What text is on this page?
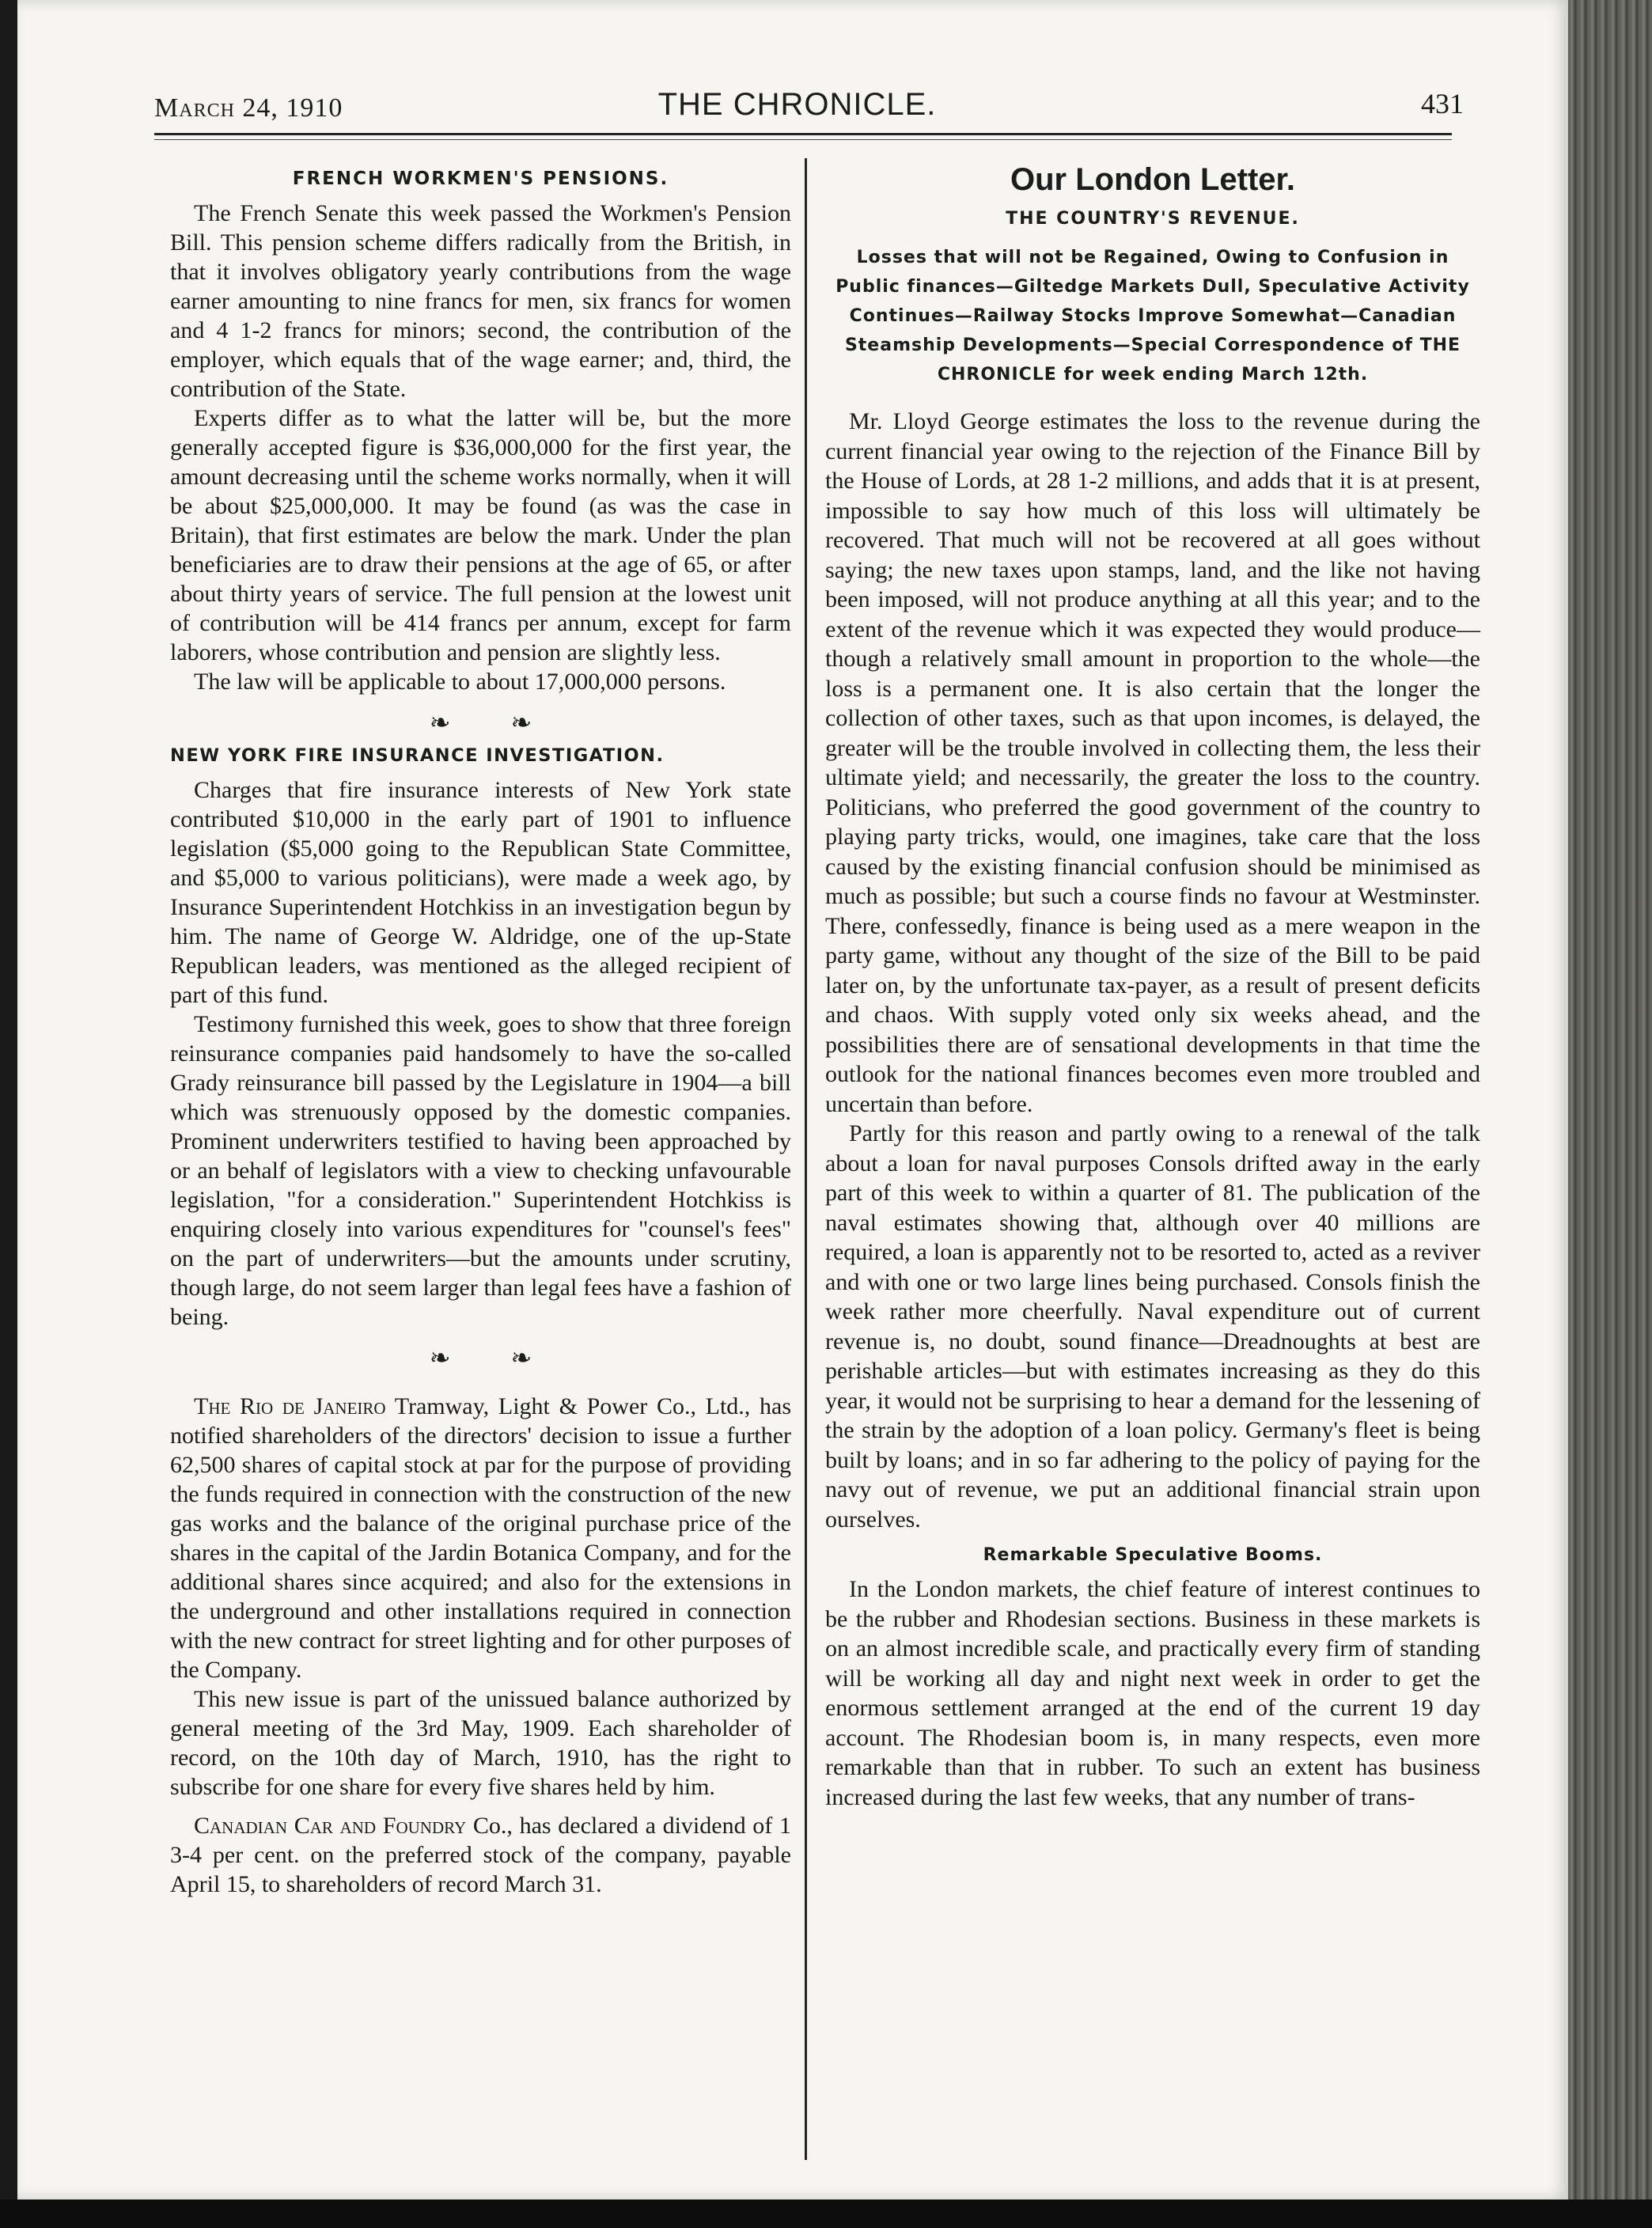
March 24, 1910	THE CHRONICLE.	431
FRENCH WORKMEN'S PENSIONS.

The French Senate this week passed the Workmen's Pension Bill. This pension scheme differs radically from the British, in that it involves obligatory yearly contributions from the wage earner amounting to nine francs for men, six francs for women and 4 1-2 francs for minors; second, the contribution of the employer, which equals that of the wage earner; and, third, the contribution of the State.

Experts differ as to what the latter will be, but the more generally accepted figure is $36,000,000 for the first year, the amount decreasing until the scheme works normally, when it will be about $25,000,000. It may be found (as was the case in Britain), that first estimates are below the mark. Under the plan beneficiaries are to draw their pensions at the age of 65, or after about thirty years of service. The full pension at the lowest unit of contribution will be 414 francs per annum, except for farm laborers, whose contribution and pension are slightly less.

The law will be applicable to about 17,000,000 persons.

❧ ❧
NEW YORK FIRE INSURANCE INVESTIGATION.

Charges that fire insurance interests of New York state contributed $10,000 in the early part of 1901 to influence legislation ($5,000 going to the Republican State Committee, and $5,000 to various politicians), were made a week ago, by Insurance Superintendent Hotchkiss in an investigation begun by him. The name of George W. Aldridge, one of the up-State Republican leaders, was mentioned as the alleged recipient of part of this fund.

Testimony furnished this week, goes to show that three foreign reinsurance companies paid handsomely to have the so-called Grady reinsurance bill passed by the Legislature in 1904—a bill which was strenuously opposed by the domestic companies. Prominent underwriters testified to having been approached by or an behalf of legislators with a view to checking unfavourable legislation, "for a consideration." Superintendent Hotchkiss is enquiring closely into various expenditures for "counsel's fees" on the part of underwriters—but the amounts under scrutiny, though large, do not seem larger than legal fees have a fashion of being.

❧ ❧

The Rio de Janeiro Tramway, Light & Power Co., Ltd., has notified shareholders of the directors' decision to issue a further 62,500 shares of capital stock at par for the purpose of providing the funds required in connection with the construction of the new gas works and the balance of the original purchase price of the shares in the capital of the Jardin Botanica Company, and for the additional shares since acquired; and also for the extensions in the underground and other installations required in connection with the new contract for street lighting and for other purposes of the Company.

This new issue is part of the unissued balance authorized by general meeting of the 3rd May, 1909. Each shareholder of record, on the 10th day of March, 1910, has the right to subscribe for one share for every five shares held by him.

Canadian Car and Foundry Co., has declared a dividend of 1 3-4 per cent. on the preferred stock of the company, payable April 15, to shareholders of record March 31.

Our London Letter.
THE COUNTRY'S REVENUE.
Losses that will not be Regained, Owing to Confusion in Public finances—Giltedge Markets Dull, Speculative Activity Continues—Railway Stocks Improve Somewhat—Canadian Steamship Developments—Special Correspondence of THE CHRONICLE for week ending March 12th.

Mr. Lloyd George estimates the loss to the revenue during the current financial year owing to the rejection of the Finance Bill by the House of Lords, at 28 1-2 millions, and adds that it is at present, impossible to say how much of this loss will ultimately be recovered. That much will not be recovered at all goes without saying; the new taxes upon stamps, land, and the like not having been imposed, will not produce anything at all this year; and to the extent of the revenue which it was expected they would produce—though a relatively small amount in proportion to the whole—the loss is a permanent one. It is also certain that the longer the collection of other taxes, such as that upon incomes, is delayed, the greater will be the trouble involved in collecting them, the less their ultimate yield; and necessarily, the greater the loss to the country. Politicians, who preferred the good government of the country to playing party tricks, would, one imagines, take care that the loss caused by the existing financial confusion should be minimised as much as possible; but such a course finds no favour at Westminster. There, confessedly, finance is being used as a mere weapon in the party game, without any thought of the size of the Bill to be paid later on, by the unfortunate tax-payer, as a result of present deficits and chaos. With supply voted only six weeks ahead, and the possibilities there are of sensational developments in that time the outlook for the national finances becomes even more troubled and uncertain than before.

Partly for this reason and partly owing to a renewal of the talk about a loan for naval purposes Consols drifted away in the early part of this week to within a quarter of 81. The publication of the naval estimates showing that, although over 40 millions are required, a loan is apparently not to be resorted to, acted as a reviver and with one or two large lines being purchased. Consols finish the week rather more cheerfully. Naval expenditure out of current revenue is, no doubt, sound finance—Dreadnoughts at best are perishable articles—but with estimates increasing as they do this year, it would not be surprising to hear a demand for the lessening of the strain by the adoption of a loan policy. Germany's fleet is being built by loans; and in so far adhering to the policy of paying for the navy out of revenue, we put an additional financial strain upon ourselves.

Remarkable Speculative Booms.

In the London markets, the chief feature of interest continues to be the rubber and Rhodesian sections. Business in these markets is on an almost incredible scale, and practically every firm of standing will be working all day and night next week in order to get the enormous settlement arranged at the end of the current 19 day account. The Rhodesian boom is, in many respects, even more remarkable than that in rubber. To such an extent has business increased during the last few weeks, that any number of trans-
